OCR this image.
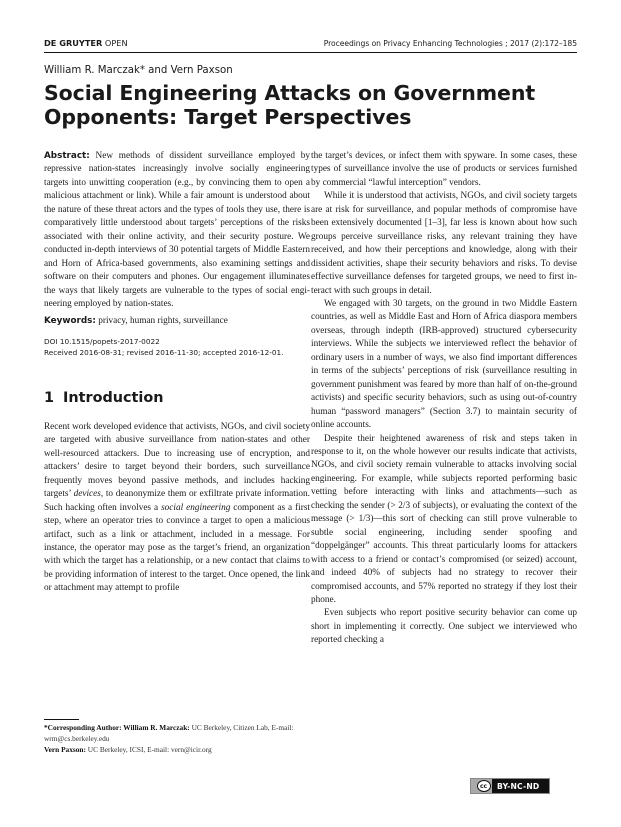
DE GRUYTER OPEN	Proceedings on Privacy Enhancing Technologies ; 2017 (2):172–185
William R. Marczak* and Vern Paxson
Social Engineering Attacks on Government Opponents: Target Perspectives

Abstract: New methods of dissident surveillance employed by repressive nation-states increasingly involve socially engineering targets into unwitting cooperation (e.g., by convincing them to open a malicious attachment or link). While a fair amount is understood about the nature of these threat actors and the types of tools they use, there is comparatively little understood about targets’ perceptions of the risks associated with their online activity, and their security posture. We conducted in-depth interviews of 30 potential targets of Middle Eastern and Horn of Africa-based governments, also examining settings and software on their computers and phones. Our engagement illuminates the ways that likely targets are vulnerable to the types of social engineering employed by nation-states.

Keywords: privacy, human rights, surveillance

DOI 10.1515/popets-2017-0022
Received 2016-08-31; revised 2016-11-30; accepted 2016-12-01.
1 Introduction

Recent work developed evidence that activists, NGOs, and civil society are targeted with abusive surveillance from nation-states and other well-resourced attackers. Due to increasing use of encryption, and attackers’ desire to target beyond their borders, such surveillance frequently moves beyond passive methods, and includes hacking targets’ devices, to deanonymize them or exfiltrate private information. Such hacking often involves a social engineering component as a first step, where an operator tries to convince a target to open a malicious artifact, such as a link or attachment, included in a message. For instance, the operator may pose as the target’s friend, an organization with which the target has a relationship, or a new contact that claims to be providing information of interest to the target. Once opened, the link or attachment may attempt to profile

the target’s devices, or infect them with spyware. In some cases, these types of surveillance involve the use of products or services furnished by commercial “lawful interception” vendors.

While it is understood that activists, NGOs, and civil society targets are at risk for surveillance, and popular methods of compromise have been extensively documented [1–3], far less is known about how such groups perceive surveillance risks, any relevant training they have received, and how their perceptions and knowledge, along with their dissident activities, shape their security behaviors and risks. To devise effective surveillance defenses for targeted groups, we need to first interact with such groups in detail.

We engaged with 30 targets, on the ground in two Middle Eastern countries, as well as Middle East and Horn of Africa diaspora members overseas, through indepth (IRB-approved) structured cybersecurity interviews. While the subjects we interviewed reflect the behavior of ordinary users in a number of ways, we also find important differences in terms of the subjects’ perceptions of risk (surveillance resulting in government punishment was feared by more than half of on-the-ground activists) and specific security behaviors, such as using out-of-country human “password managers” (Section 3.7) to maintain security of online accounts.

Despite their heightened awareness of risk and steps taken in response to it, on the whole however our results indicate that activists, NGOs, and civil society remain vulnerable to attacks involving social engineering. For example, while subjects reported performing basic vetting before interacting with links and attachments—such as checking the sender (> 2/3 of subjects), or evaluating the context of the message (> 1/3)—this sort of checking can still prove vulnerable to subtle social engineering, including sender spoofing and “doppelgänger” accounts. This threat particularly looms for attackers with access to a friend or contact’s compromised (or seized) account, and indeed 40% of subjects had no strategy to recover their compromised accounts, and 57% reported no strategy if they lost their phone.

Even subjects who report positive security behavior can come up short in implementing it correctly. One subject we interviewed who reported checking a

*Corresponding Author: William R. Marczak: UC Berkeley, Citizen Lab, E-mail: wrm@cs.berkeley.edu
Vern Paxson: UC Berkeley, ICSI, E-mail: vern@icir.org
cc	BY-NC-ND
